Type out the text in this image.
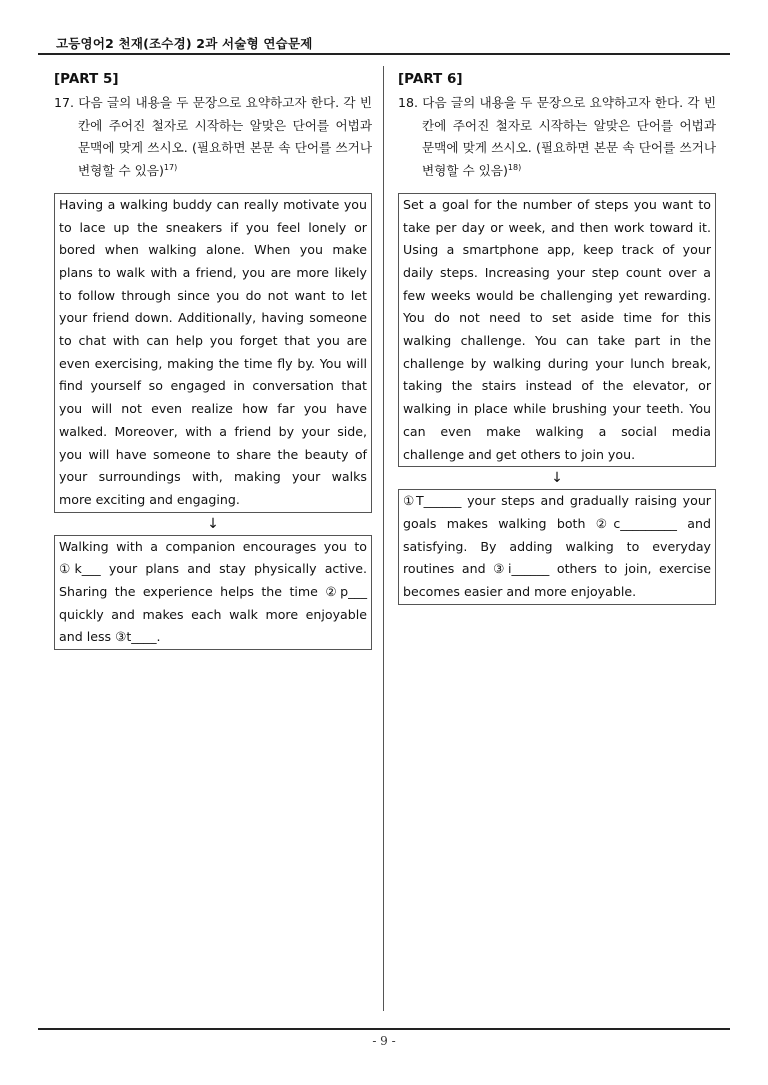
고등영어2 천재(조수경) 2과 서술형 연습문제
[PART 5]

17. 다음 글의 내용을 두 문장으로 요약하고자 한다. 각 빈칸에 주어진 철자로 시작하는 알맞은 단어를 어법과 문맥에 맞게 쓰시오. (필요하면 본문 속 단어를 쓰거나 변형할 수 있음)$^{17)}$

Having a walking buddy can really motivate you to lace up the sneakers if you feel lonely or bored when walking alone. When you make plans to walk with a friend, you are more likely to follow through since you do not want to let your friend down. Additionally, having someone to chat with can help you forget that you are even exercising, making the time fly by. You will find yourself so engaged in conversation that you will not even realize how far you have walked. Moreover, with a friend by your side, you will have someone to share the beauty of your surroundings with, making your walks more exciting and engaging.
↓
Walking with a companion encourages you to ①k___ your plans and stay physically active. Sharing the experience helps the time ②p___ quickly and makes each walk more enjoyable and less ③t____.
[PART 6]

18. 다음 글의 내용을 두 문장으로 요약하고자 한다. 각 빈칸에 주어진 철자로 시작하는 알맞은 단어를 어법과 문맥에 맞게 쓰시오. (필요하면 본문 속 단어를 쓰거나 변형할 수 있음)$^{18)}$

Set a goal for the number of steps you want to take per day or week, and then work toward it. Using a smartphone app, keep track of your daily steps. Increasing your step count over a few weeks would be challenging yet rewarding. You do not need to set aside time for this walking challenge. You can take part in the challenge by walking during your lunch break, taking the stairs instead of the elevator, or walking in place while brushing your teeth. You can even make walking a social media challenge and get others to join you.
↓
①T______ your steps and gradually raising your goals makes walking both ②c_________ and satisfying. By adding walking to everyday routines and ③i______ others to join, exercise becomes easier and more enjoyable.
- 9 -
